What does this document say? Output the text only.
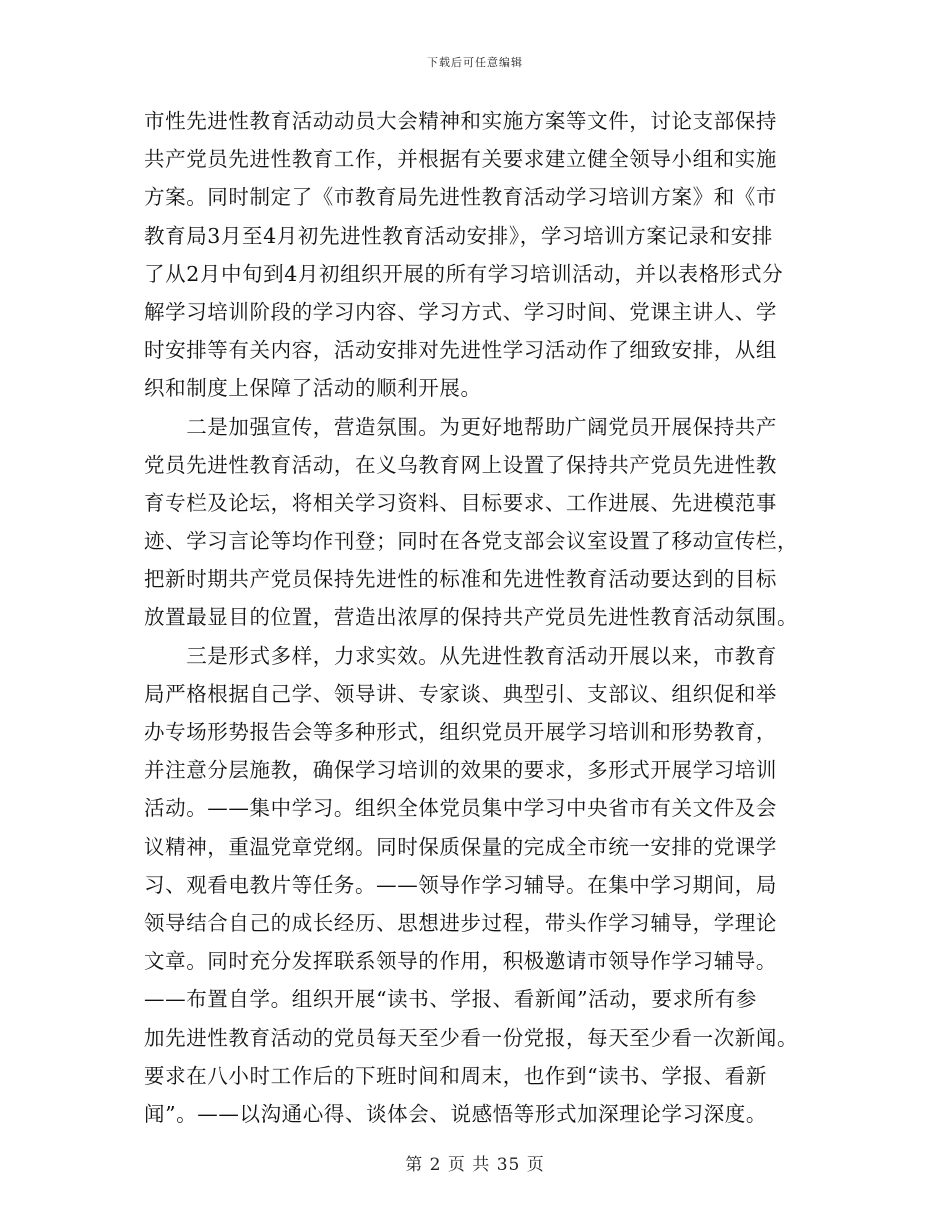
下载后可任意编辑
市性先进性教育活动动员大会精神和实施方案等文件，讨论支部保持
共产党员先进性教育工作，并根据有关要求建立健全领导小组和实施
方案。同时制定了《市教育局先进性教育活动学习培训方案》和《市
教育局3月至4月初先进性教育活动安排》，学习培训方案记录和安排
了从2月中旬到4月初组织开展的所有学习培训活动，并以表格形式分
解学习培训阶段的学习内容、学习方式、学习时间、党课主讲人、学
时安排等有关内容，活动安排对先进性学习活动作了细致安排，从组
织和制度上保障了活动的顺利开展。
　　二是加强宣传，营造氛围。为更好地帮助广阔党员开展保持共产
党员先进性教育活动，在义乌教育网上设置了保持共产党员先进性教
育专栏及论坛，将相关学习资料、目标要求、工作进展、先进模范事
迹、学习言论等均作刊登；同时在各党支部会议室设置了移动宣传栏，
把新时期共产党员保持先进性的标准和先进性教育活动要达到的目标
放置最显目的位置，营造出浓厚的保持共产党员先进性教育活动氛围。
　　三是形式多样，力求实效。从先进性教育活动开展以来，市教育
局严格根据自己学、领导讲、专家谈、典型引、支部议、组织促和举
办专场形势报告会等多种形式，组织党员开展学习培训和形势教育，
并注意分层施教，确保学习培训的效果的要求，多形式开展学习培训
活动。——集中学习。组织全体党员集中学习中央省市有关文件及会
议精神，重温党章党纲。同时保质保量的完成全市统一安排的党课学
习、观看电教片等任务。——领导作学习辅导。在集中学习期间，局
领导结合自己的成长经历、思想进步过程，带头作学习辅导，学理论
文章。同时充分发挥联系领导的作用，积极邀请市领导作学习辅导。
——布置自学。组织开展“读书、学报、看新闻”活动，要求所有参
加先进性教育活动的党员每天至少看一份党报，每天至少看一次新闻。
要求在八小时工作后的下班时间和周末，也作到“读书、学报、看新
闻”。——以沟通心得、谈体会、说感悟等形式加深理论学习深度。
第 2 页 共 35 页
